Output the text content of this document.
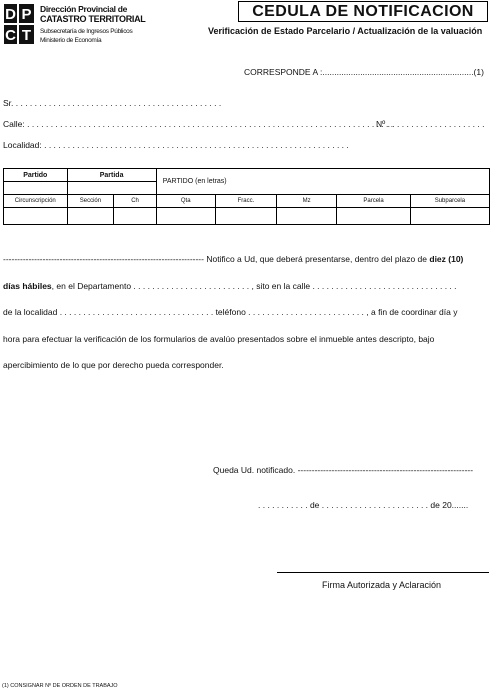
D P
C T
Dirección Provincial de
CATASTRO TERRITORIAL
Subsecretaría de Ingresos Públicos
Ministerio de Economía
CEDULA DE NOTIFICACION
Verificación de Estado Parcelario / Actualización de la valuación
CORRESPONDE A :................................................................(1)
Sr. . . . . . . . . . . . . . . . . . . . . . . . . . . . . . . . . . . . . . . . . . . . .
Calle: . . . . . . . . . . . . . . . . . . . . . . . . . . . . . . . . . . . . . . . . . . . . . . . . . . . . . . . . . . . . . . . . . . . . . . . . . . . . . .
Nº . . . . . . . . . . . . . . . . . . . . .
Localidad: . . . . . . . . . . . . . . . . . . . . . . . . . . . . . . . . . . . . . . . . . . . . . . . . . . . . . . . . . . . . . . . . .
Partido	Partida		PARTIDO (en letras)				

Circunscripción	Sección	Ch	Qta	Fracc.	Mz	Parcela	Subparcela

----------------------------------------------------------------------- Notifico a Ud, que deberá presentarse, dentro del plazo de diez (10)
días hábiles, en el Departamento . . . . . . . . . . . . . . . . . . . . . . . . . , sito en la calle . . . . . . . . . . . . . . . . . . . . . . . . . . . . . . .
de la localidad . . . . . . . . . . . . . . . . . . . . . . . . . . . . . . . . . teléfono . . . . . . . . . . . . . . . . . . . . . . . . . , a fin de coordinar día y
hora para efectuar la verificación de los formularios de avalúo presentados sobre el inmueble antes descripto, bajo
apercibimiento de lo que por derecho pueda corresponder.
Queda Ud. notificado. --------------------------------------------------------------
. . . . . . . . . . . de . . . . . . . . . . . . . . . . . . . . . . . de 20.......
Firma Autorizada y Aclaración
(1) CONSIGNAR Nº DE ORDEN DE TRABAJO
